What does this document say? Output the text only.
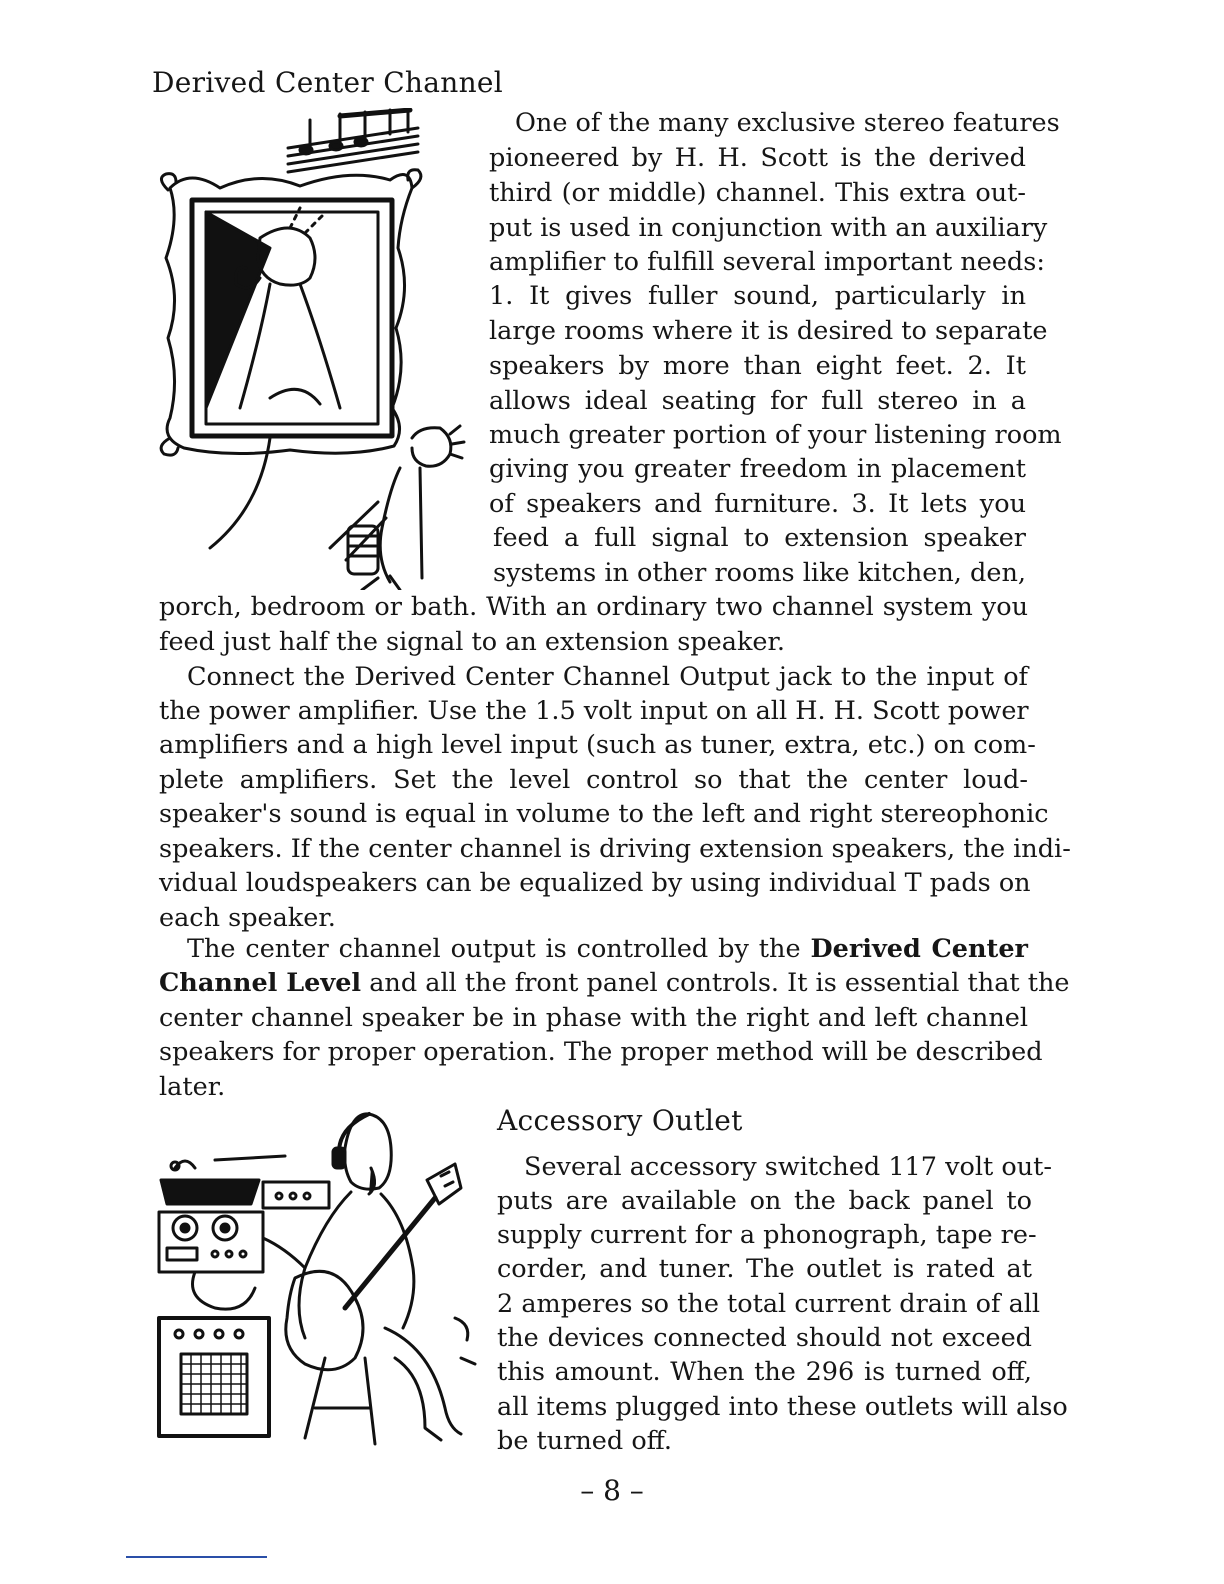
Derived Center Channel
One of the many exclusive stereo features
pioneered by H. H. Scott is the derived
third (or middle) channel. This extra out-
put is used in conjunction with an auxiliary
amplifier to fulfill several important needs:
1. It gives fuller sound, particularly in
large rooms where it is desired to separate
speakers by more than eight feet. 2. It
allows ideal seating for full stereo in a
much greater portion of your listening room
giving you greater freedom in placement
of speakers and furniture. 3. It lets you
feed a full signal to extension speaker
systems in other rooms like kitchen, den,
porch, bedroom or bath. With an ordinary two channel system you
feed just half the signal to an extension speaker.
Connect the Derived Center Channel Output jack to the input of
the power amplifier. Use the 1.5 volt input on all H. H. Scott power
amplifiers and a high level input (such as tuner, extra, etc.) on com-
plete amplifiers. Set the level control so that the center loud-
speaker's sound is equal in volume to the left and right stereophonic
speakers. If the center channel is driving extension speakers, the indi-
vidual loudspeakers can be equalized by using individual T pads on
each speaker.
The center channel output is controlled by the Derived Center
Channel Level and all the front panel controls. It is essential that the
center channel speaker be in phase with the right and left channel
speakers for proper operation. The proper method will be described
later.
Accessory Outlet
Several accessory switched 117 volt out-
puts are available on the back panel to
supply current for a phonograph, tape re-
corder, and tuner. The outlet is rated at
2 amperes so the total current drain of all
the devices connected should not exceed
this amount. When the 296 is turned off,
all items plugged into these outlets will also
be turned off.
– 8 –
